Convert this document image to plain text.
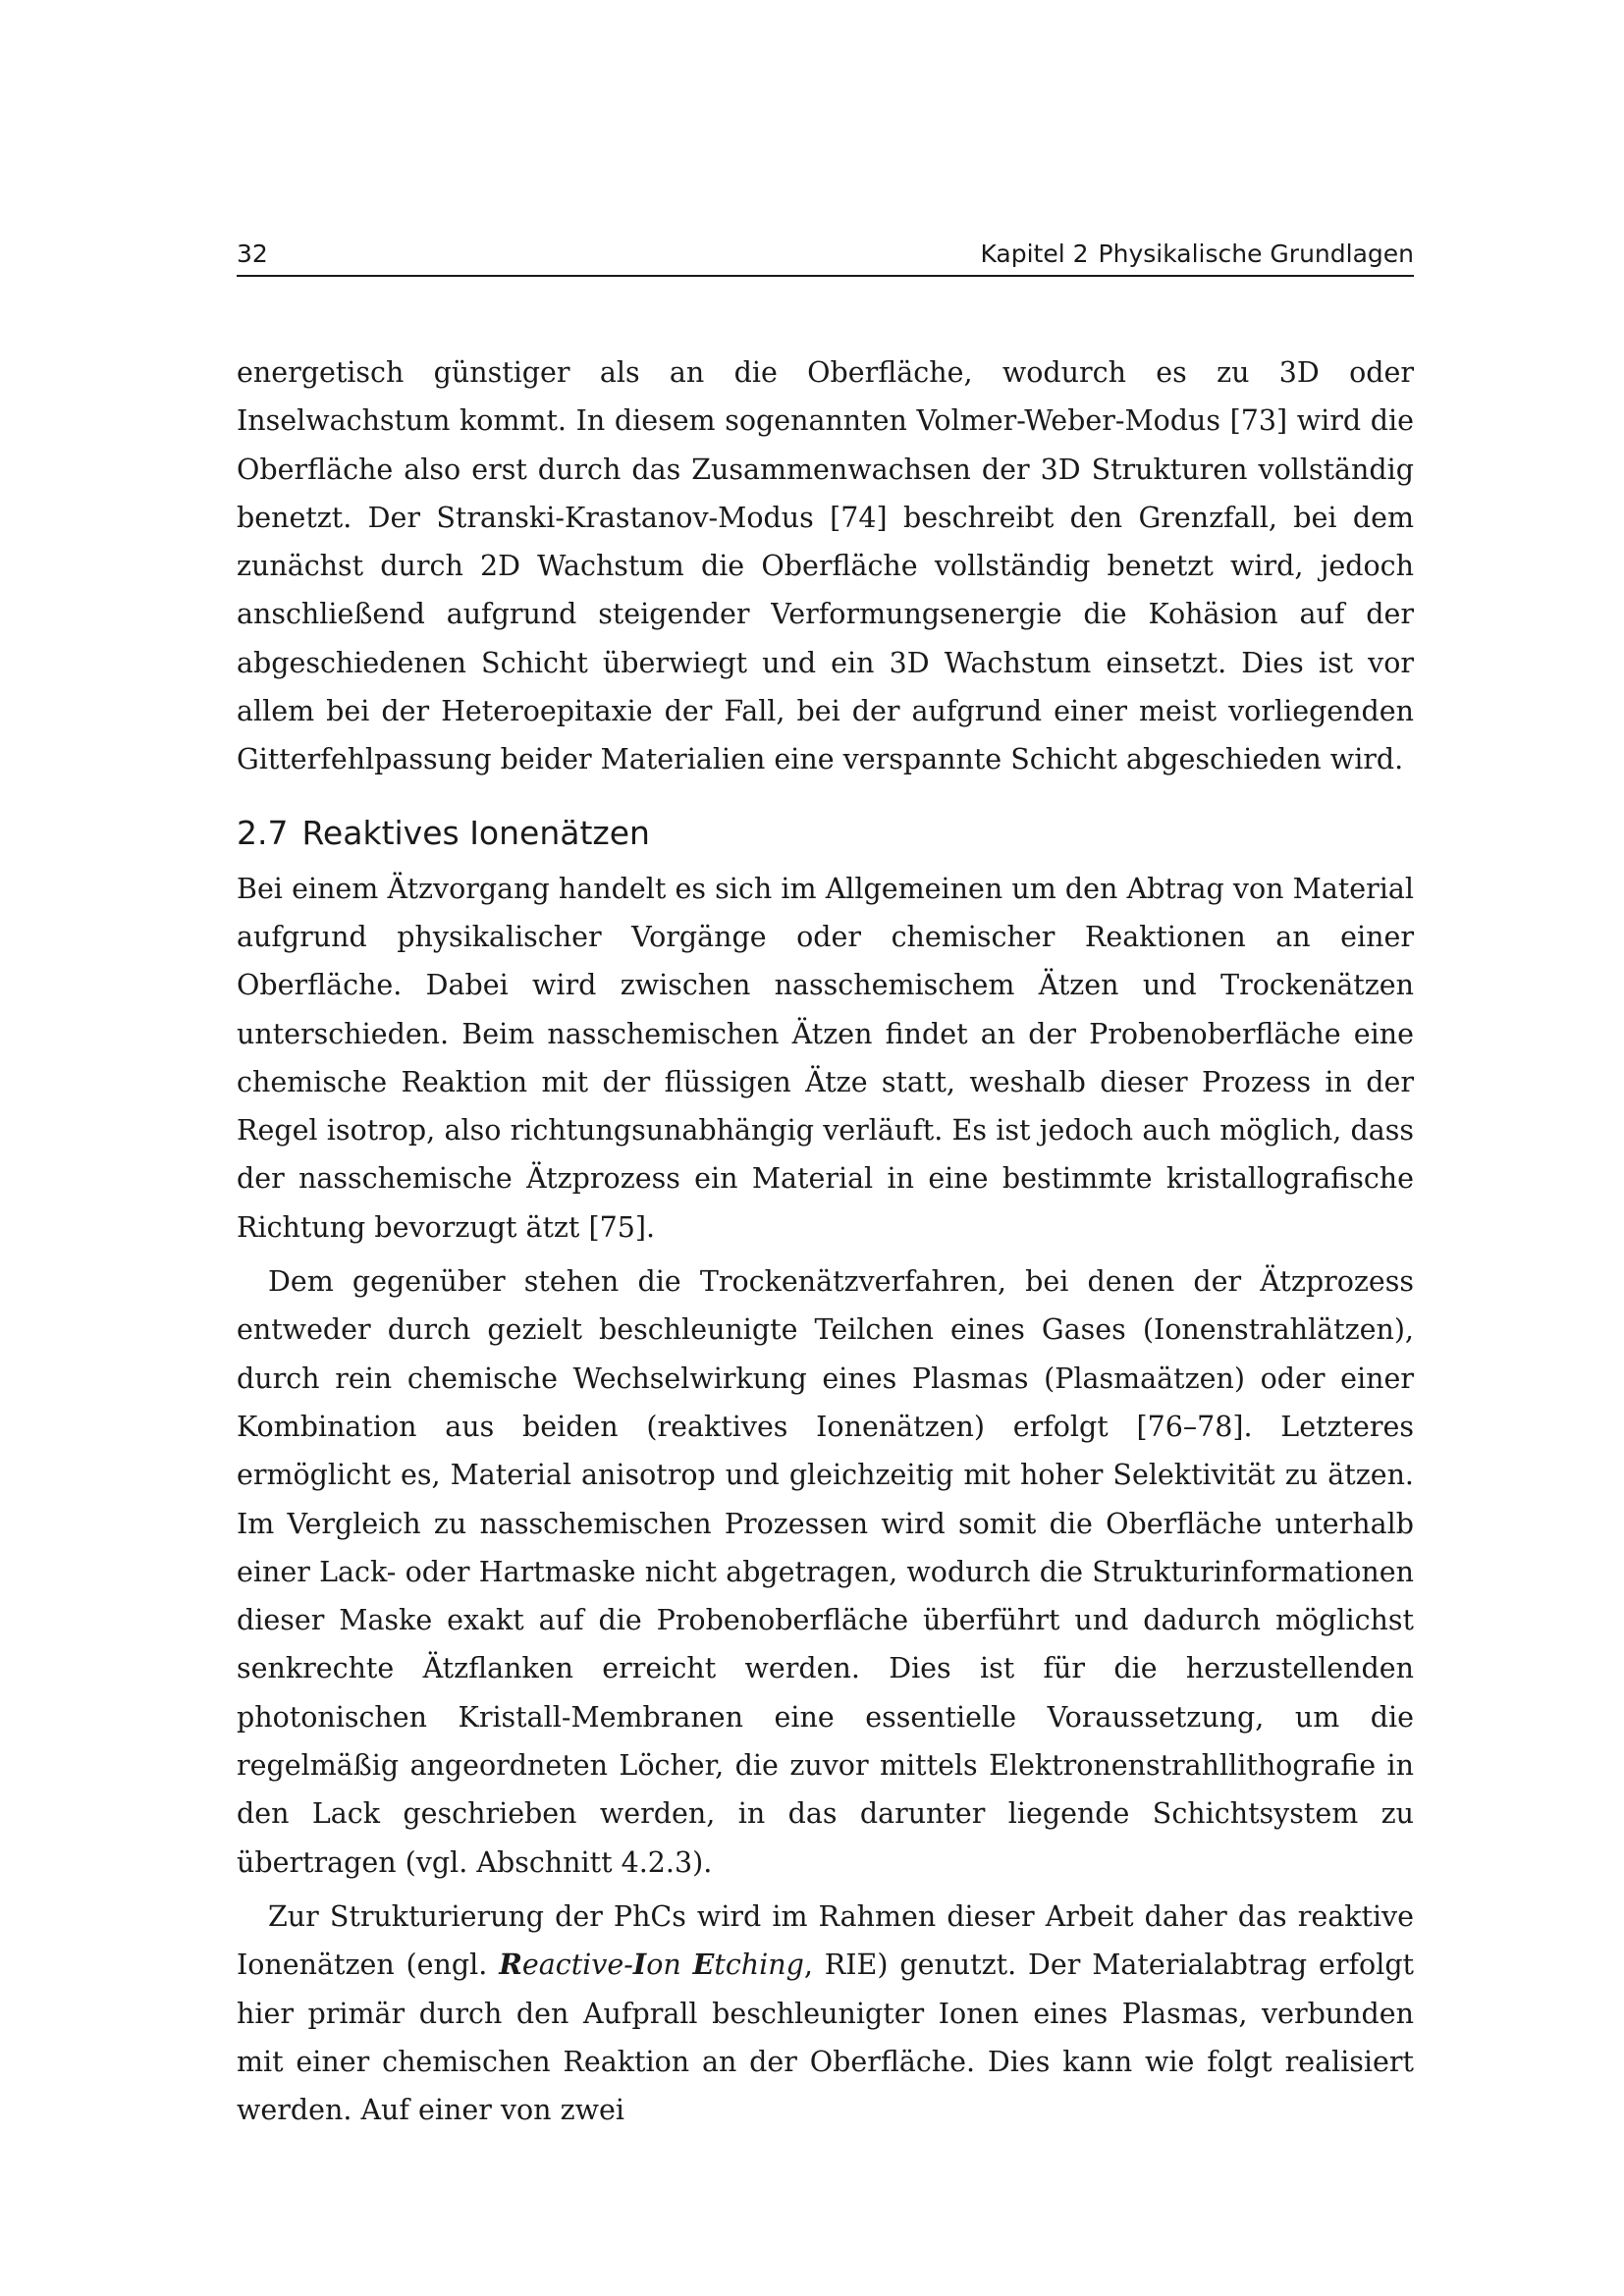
32	Kapitel 2 Physikalische Grundlagen

energetisch günstiger als an die Oberfläche, wodurch es zu 3D oder Inselwachstum kommt. In diesem sogenannten Volmer-Weber-Modus [73] wird die Oberfläche also erst durch das Zusammenwachsen der 3D Strukturen vollständig benetzt. Der Stranski-Krastanov-Modus [74] beschreibt den Grenzfall, bei dem zunächst durch 2D Wachstum die Oberfläche vollständig benetzt wird, jedoch anschließend aufgrund steigender Verformungsenergie die Kohäsion auf der abgeschiedenen Schicht überwiegt und ein 3D Wachstum einsetzt. Dies ist vor allem bei der Heteroepitaxie der Fall, bei der aufgrund einer meist vorliegenden Gitterfehlpassung beider Materialien eine verspannte Schicht abgeschieden wird.

2.7 Reaktives Ionenätzen

Bei einem Ätzvorgang handelt es sich im Allgemeinen um den Abtrag von Material aufgrund physikalischer Vorgänge oder chemischer Reaktionen an einer Oberfläche. Dabei wird zwischen nasschemischem Ätzen und Trockenätzen unterschieden. Beim nasschemischen Ätzen findet an der Probenoberfläche eine chemische Reaktion mit der flüssigen Ätze statt, weshalb dieser Prozess in der Regel isotrop, also richtungsunabhängig verläuft. Es ist jedoch auch möglich, dass der nasschemische Ätzprozess ein Material in eine bestimmte kristallografische Richtung bevorzugt ätzt [75].

Dem gegenüber stehen die Trockenätzverfahren, bei denen der Ätzprozess entweder durch gezielt beschleunigte Teilchen eines Gases (Ionenstrahlätzen), durch rein chemische Wechselwirkung eines Plasmas (Plasmaätzen) oder einer Kombination aus beiden (reaktives Ionenätzen) erfolgt [76–78]. Letzteres ermöglicht es, Material anisotrop und gleichzeitig mit hoher Selektivität zu ätzen. Im Vergleich zu nasschemischen Prozessen wird somit die Oberfläche unterhalb einer Lack- oder Hartmaske nicht abgetragen, wodurch die Strukturinformationen dieser Maske exakt auf die Probenoberfläche überführt und dadurch möglichst senkrechte Ätzflanken erreicht werden. Dies ist für die herzustellenden photonischen Kristall-Membranen eine essentielle Voraussetzung, um die regelmäßig angeordneten Löcher, die zuvor mittels Elektronenstrahllithografie in den Lack geschrieben werden, in das darunter liegende Schichtsystem zu übertragen (vgl. Abschnitt 4.2.3).

Zur Strukturierung der PhCs wird im Rahmen dieser Arbeit daher das reaktive Ionenätzen (engl. Reactive-Ion Etching, RIE) genutzt. Der Materialabtrag erfolgt hier primär durch den Aufprall beschleunigter Ionen eines Plasmas, verbunden mit einer chemischen Reaktion an der Oberfläche. Dies kann wie folgt realisiert werden. Auf einer von zwei
